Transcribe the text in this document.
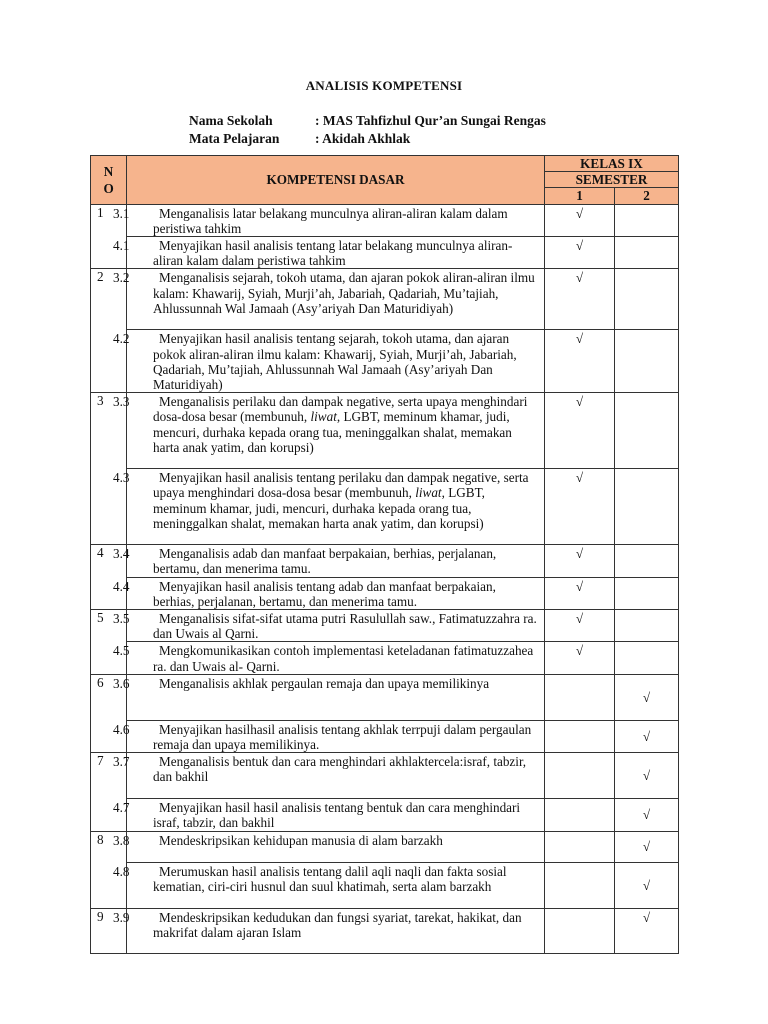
ANALISIS KOMPETENSI
Nama Sekolah	: MAS Tahfizhul Qur’an Sungai Rengas
Mata Pelajaran	: Akidah Akhlak
N O	KOMPETENSI DASAR	KELAS IX	
		SEMESTER	
		1	2
1	3.1 Menganalisis latar belakang munculnya aliran-aliran kalam dalam peristiwa tahkim	√	

	4.1 Menyajikan hasil analisis tentang latar belakang munculnya aliran-aliran kalam dalam peristiwa tahkim	√	
2	3.2 Menganalisis sejarah, tokoh utama, dan ajaran pokok aliran-aliran ilmu kalam: Khawarij, Syiah, Murji’ah, Jabariah, Qadariah, Mu’tajiah, Ahlussunnah Wal Jamaah (Asy’ariyah Dan Maturidiyah)	√	

	4.2 Menyajikan hasil analisis tentang sejarah, tokoh utama, dan ajaran pokok aliran-aliran ilmu kalam: Khawarij, Syiah, Murji’ah, Jabariah, Qadariah, Mu’tajiah, Ahlussunnah Wal Jamaah (Asy’ariyah Dan Maturidiyah)	√	
3	3.3 Menganalisis perilaku dan dampak negative, serta upaya menghindari dosa-dosa besar (membunuh, liwat, LGBT, meminum khamar, judi, mencuri, durhaka kepada orang tua, meninggalkan shalat, memakan harta anak yatim, dan korupsi)	√	

	4.3 Menyajikan hasil analisis tentang perilaku dan dampak negative, serta upaya menghindari dosa-dosa besar (membunuh, liwat, LGBT, meminum khamar, judi, mencuri, durhaka kepada orang tua, meninggalkan shalat, memakan harta anak yatim, dan korupsi)	√	
4	3.4 Menganalisis adab dan manfaat berpakaian, berhias, perjalanan, bertamu, dan menerima tamu.	√	

	4.4 Menyajikan hasil analisis tentang adab dan manfaat berpakaian, berhias, perjalanan, bertamu, dan menerima tamu.	√	
5	3.5 Menganalisis sifat-sifat utama putri Rasulullah saw., Fatimatuzzahra ra. dan Uwais al Qarni.	√	

	4.5 Mengkomunikasikan contoh implementasi keteladanan fatimatuzzahea ra. dan Uwais al- Qarni.	√	
6	3.6 Menganalisis akhlak pergaulan remaja dan upaya memilikinya		√

	4.6 Menyajikan hasilhasil analisis tentang akhlak terrpuji dalam pergaulan remaja dan upaya memilikinya.		√
7	3.7 Menganalisis bentuk dan cara menghindari akhlaktercela:israf, tabzir, dan bakhil		√

	4.7 Menyajikan hasil hasil analisis tentang bentuk dan cara menghindari israf, tabzir, dan bakhil		√
8	3.8 Mendeskripsikan kehidupan manusia di alam barzakh		√

	4.8 Merumuskan hasil analisis tentang dalil aqli naqli dan fakta sosial kematian, ciri-ciri husnul dan suul khatimah, serta alam barzakh		√
9	3.9 Mendeskripsikan kedudukan dan fungsi syariat, tarekat, hakikat, dan makrifat dalam ajaran Islam		√
